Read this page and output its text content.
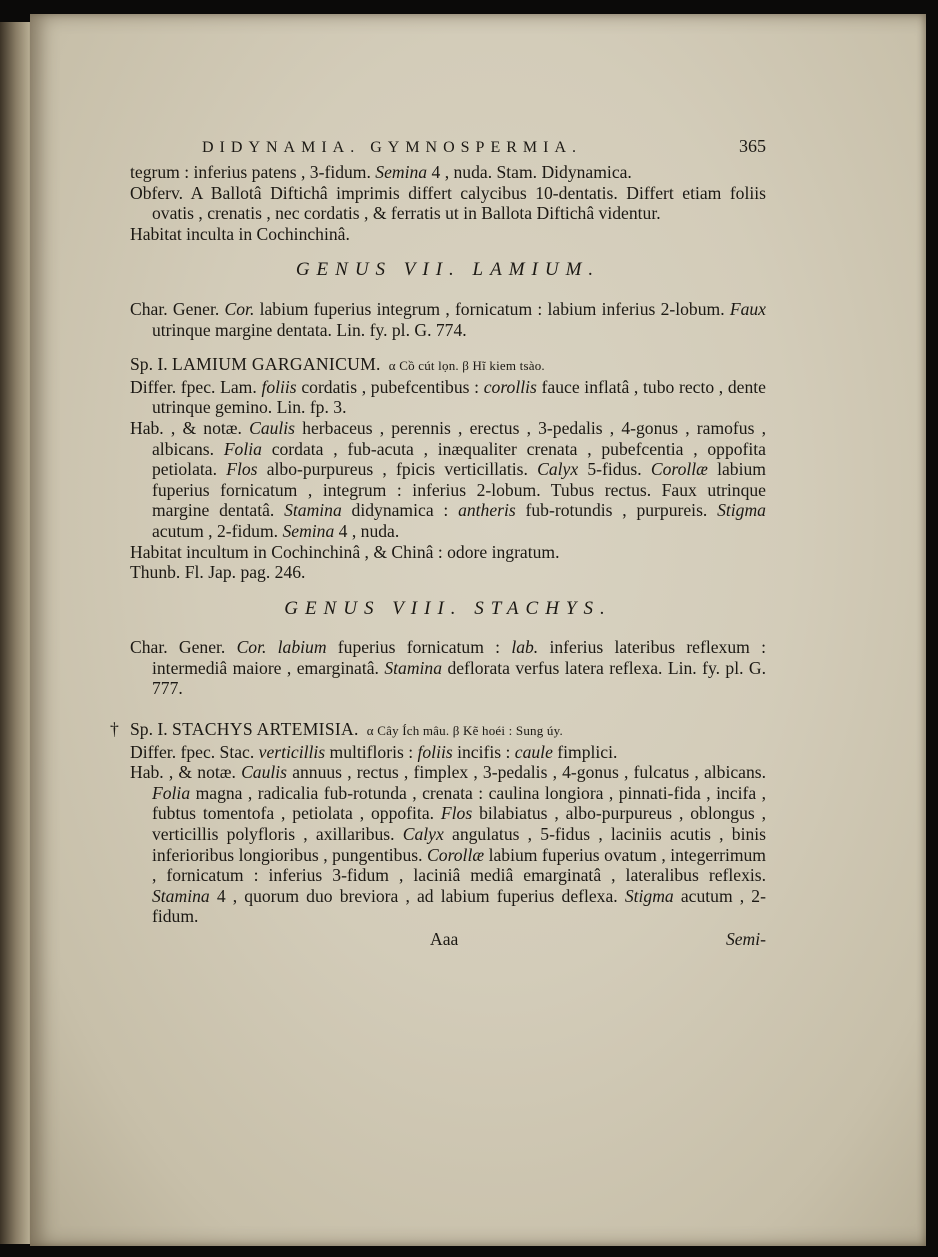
DIDYNAMIA. GYMNOSPERMIA.	365

tegrum : inferius patens , 3-fidum. Semina 4 , nuda. Stam. Didynamica.

Obferv. A Ballotâ Diftichâ imprimis differt calycibus 10-dentatis. Differt etiam foliis ovatis , crenatis , nec cordatis , & ferratis ut in Ballota Diftichâ videntur.

Habitat inculta in Cochinchinâ.

GENUS VII. LAMIUM.

Char. Gener. Cor. labium fuperius integrum , fornicatum : labium inferius 2-lobum. Faux utrinque margine dentata. Lin. fy. pl. G. 774.

Sp. I. LAMIUM GARGANICUM. α Cồ cút lọn. β Hĩ kiem tsào.

Differ. fpec. Lam. foliis cordatis , pubefcentibus : corollis fauce inflatâ , tubo recto , dente utrinque gemino. Lin. fp. 3.

Hab. , & notæ. Caulis herbaceus , perennis , erectus , 3-pedalis , 4-gonus , ramofus , albicans. Folia cordata , fub-acuta , inæqualiter crenata , pubefcentia , oppofita petiolata. Flos albo-purpureus , fpicis verticillatis. Calyx 5-fidus. Corollæ labium fuperius fornicatum , integrum : inferius 2-lobum. Tubus rectus. Faux utrinque margine dentatâ. Stamina didynamica : antheris fub-rotundis , purpureis. Stigma acutum , 2-fidum. Semina 4 , nuda.

Habitat incultum in Cochinchinâ , & Chinâ : odore ingratum.

Thunb. Fl. Jap. pag. 246.

GENUS VIII. STACHYS.

Char. Gener. Cor. labium fuperius fornicatum : lab. inferius lateribus reflexum : intermediâ maiore , emarginatâ. Stamina deflorata verfus latera reflexa. Lin. fy. pl. G. 777.

† Sp. I. STACHYS ARTEMISIA. α Cây Ích mâu. β Kẽ hoéi : Sung úy.

Differ. fpec. Stac. verticillis multifloris : foliis incifis : caule fimplici.

Hab. , & notæ. Caulis annuus , rectus , fimplex , 3-pedalis , 4-gonus , fulcatus , albicans. Folia magna , radicalia fub-rotunda , crenata : caulina longiora , pinnati-fida , incifa , fubtus tomentofa , petiolata , oppofita. Flos bilabiatus , albo-purpureus , oblongus , verticillis polyfloris , axillaribus. Calyx angulatus , 5-fidus , laciniis acutis , binis inferioribus longioribus , pungentibus. Corollæ labium fuperius ovatum , integerrimum , fornicatum : inferius 3-fidum , laciniâ mediâ emarginatâ , lateralibus reflexis. Stamina 4 , quorum duo breviora , ad labium fuperius deflexa. Stigma acutum , 2-fidum.

Aaa	Semi-
